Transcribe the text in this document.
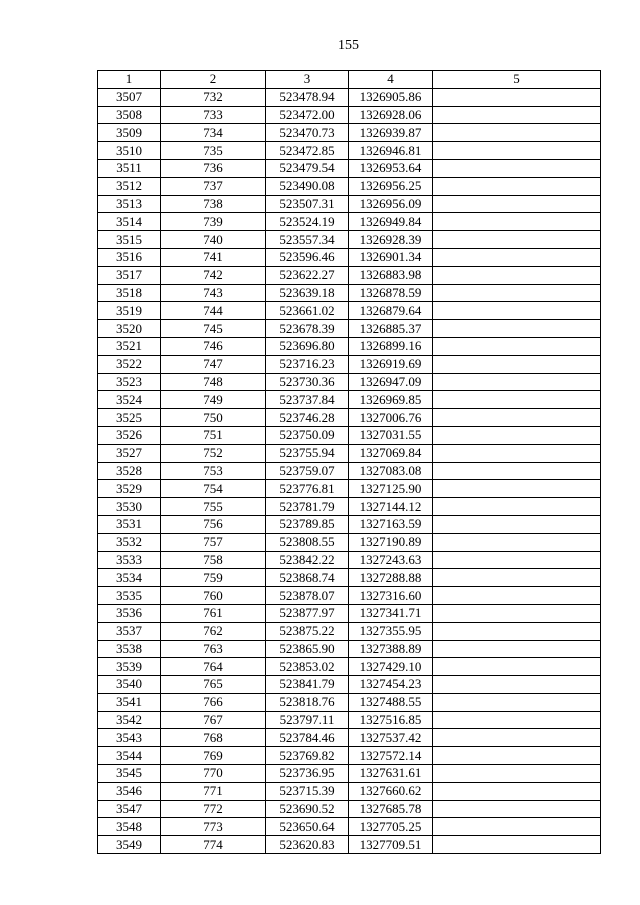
155
1	2	3	4	5
3507	732	523478.94	1326905.86	
3508	733	523472.00	1326928.06	
3509	734	523470.73	1326939.87	
3510	735	523472.85	1326946.81	
3511	736	523479.54	1326953.64	
3512	737	523490.08	1326956.25	
3513	738	523507.31	1326956.09	
3514	739	523524.19	1326949.84	
3515	740	523557.34	1326928.39	
3516	741	523596.46	1326901.34	
3517	742	523622.27	1326883.98	
3518	743	523639.18	1326878.59	
3519	744	523661.02	1326879.64	
3520	745	523678.39	1326885.37	
3521	746	523696.80	1326899.16	
3522	747	523716.23	1326919.69	
3523	748	523730.36	1326947.09	
3524	749	523737.84	1326969.85	
3525	750	523746.28	1327006.76	
3526	751	523750.09	1327031.55	
3527	752	523755.94	1327069.84	
3528	753	523759.07	1327083.08	
3529	754	523776.81	1327125.90	
3530	755	523781.79	1327144.12	
3531	756	523789.85	1327163.59	
3532	757	523808.55	1327190.89	
3533	758	523842.22	1327243.63	
3534	759	523868.74	1327288.88	
3535	760	523878.07	1327316.60	
3536	761	523877.97	1327341.71	
3537	762	523875.22	1327355.95	
3538	763	523865.90	1327388.89	
3539	764	523853.02	1327429.10	
3540	765	523841.79	1327454.23	
3541	766	523818.76	1327488.55	
3542	767	523797.11	1327516.85	
3543	768	523784.46	1327537.42	
3544	769	523769.82	1327572.14	
3545	770	523736.95	1327631.61	
3546	771	523715.39	1327660.62	
3547	772	523690.52	1327685.78	
3548	773	523650.64	1327705.25	
3549	774	523620.83	1327709.51	
